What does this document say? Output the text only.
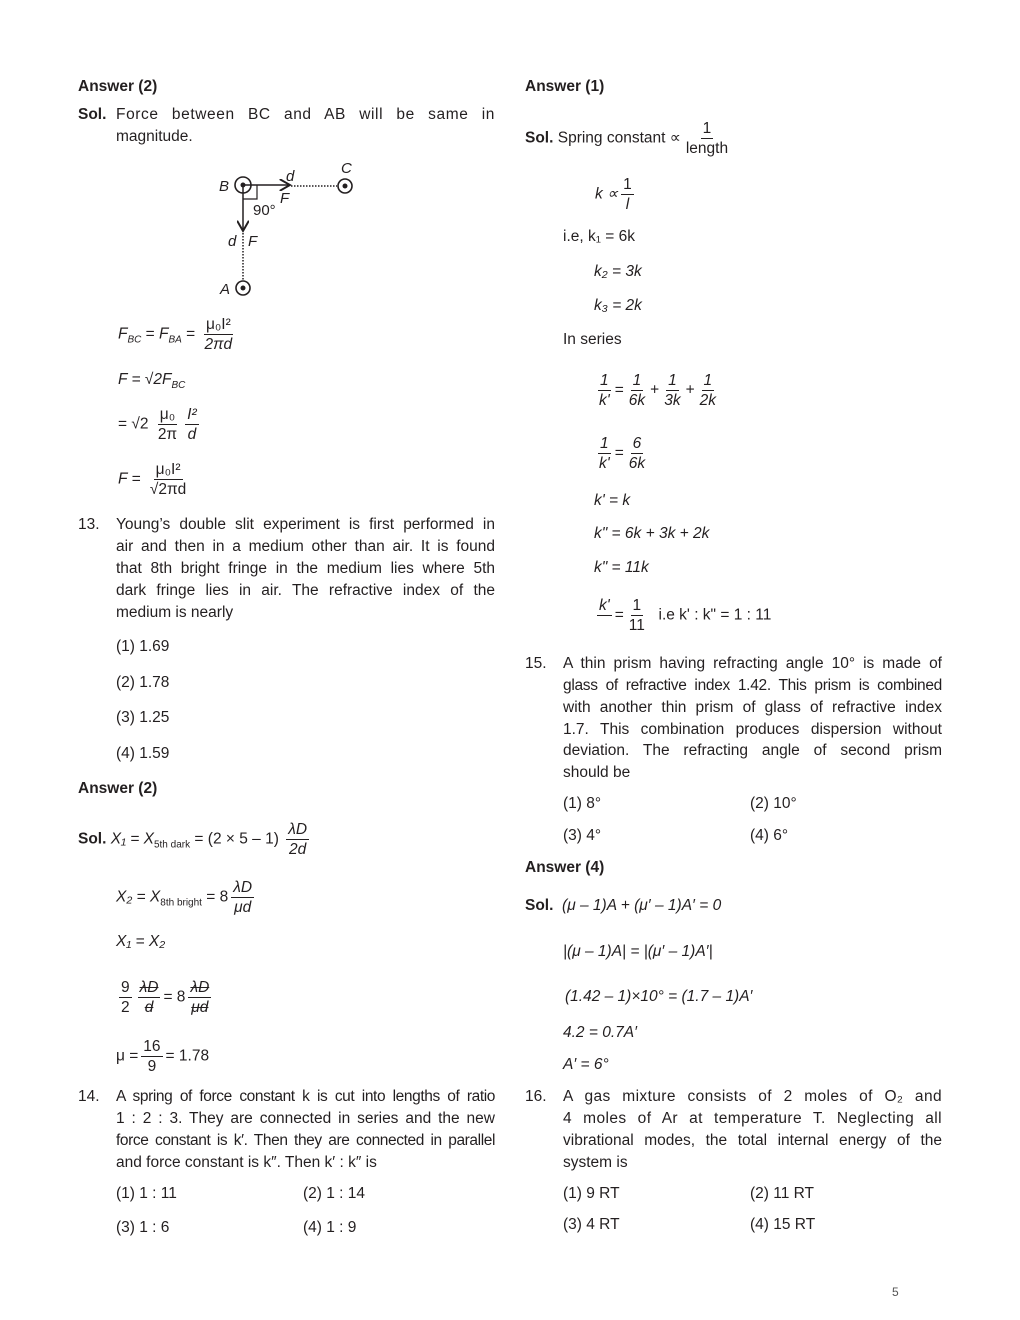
Answer (2)
Sol. Force between BC and AB will be same in
magnitude.
B
C
d
F
90°
d F
A
$F_{BC} = F_{BA} = \frac{\text{μ₀I²}}{2\pi d}$
$F = √2F_{BC}$
= $√2 \frac{\text{μ₀}}{2\pi} \frac{\text{I²}}{d}$
$F = \frac{\text{μ₀I²}}{√2\pi d}$
13. Young’s double slit experiment is first performed in
air and then in a medium other than air. It is found
that 8th bright fringe in the medium lies where 5th
dark fringe lies in air. The refractive index of the
medium is nearly
(1) 1.69
(2) 1.78
(3) 1.25
(4) 1.59
Answer (2)
Sol. $X_1 = X_{5th dark} = (2 \times 5 - 1) \frac{\lambda D}{2d}$
$X_2 = X_{8th bright} = 8 \frac{\lambda D}{\mu d}$
X₁ = X₂
$\frac{9}{2} \frac{\lambda D}{d} = 8 \frac{\lambda D}{\mu d}$
$\mu = \frac{16}{9} = 1.78$
14. A spring of force constant k is cut into lengths of ratio
1 : 2 : 3. They are connected in series and the new
force constant is k′. Then they are connected in parallel
and force constant is k″. Then k′ : k″ is
(1) 1 : 11	(2) 1 : 14
(3) 1 : 6	(4) 1 : 9
Answer (1)
Sol. Spring constant ∝
1
length
$k \propto \frac{1}{l}$
i.e, k₁ = 6k
k₂ = 3k
k₃ = 2k
In series
$\frac{1}{k'} = \frac{1}{6k} + \frac{1}{3k} + \frac{1}{2k}$
$\frac{1}{k'} = \frac{6}{6k}$
k' = k
k" = 6k + 3k + 2k
k" = 11k
k'

= $\frac{1}{11} i.e$ k' : k" = 1 : 11
15. A thin prism having refracting angle 10° is made of
glass of refractive index 1.42. This prism is combined
with another thin prism of glass of refractive index
1.7. This combination produces dispersion without
deviation. The refracting angle of second prism
should be
(1) 8°	(2) 10°
(3) 4°	(4) 6°
Answer (4)
Sol. (μ – 1)A + (μ′ – 1)A′ = 0
|(μ – 1)A| = |(μ′ – 1)A′|
(1.42 – 1)×10° = (1.7 – 1)A′
4.2 = 0.7A′
A′ = 6°
16. A gas mixture consists of 2 moles of O₂ and
4 moles of Ar at temperature T. Neglecting all
vibrational modes, the total internal energy of the
system is
(1) 9 RT	(2) 11 RT
(3) 4 RT	(4) 15 RT
5
